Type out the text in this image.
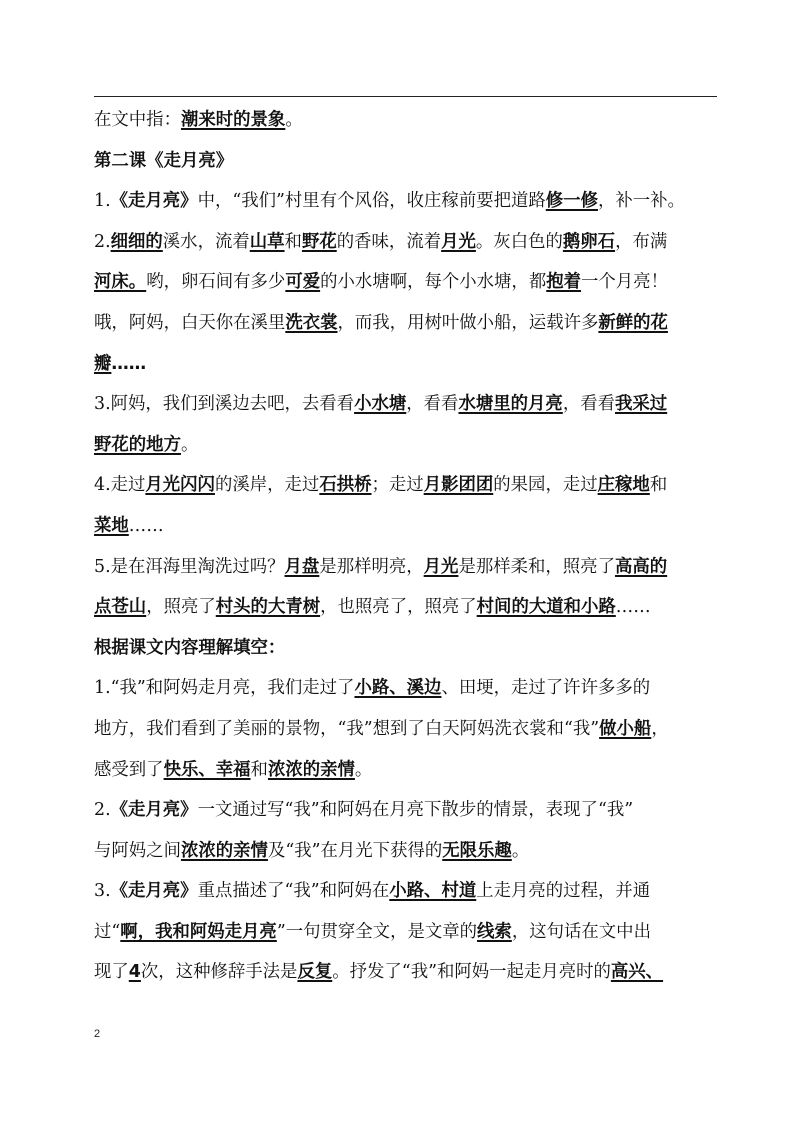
在文中指：潮来时的景象。
第二课《走月亮》
1.《走月亮》中，“我们”村里有个风俗，收庄稼前要把道路修一修，补一补。
2.细细的溪水，流着山草和野花的香味，流着月光。灰白色的鹅卵石，布满
河床。哟，卵石间有多少可爱的小水塘啊，每个小水塘，都抱着一个月亮！
哦，阿妈，白天你在溪里洗衣裳，而我，用树叶做小船，运载许多新鲜的花
瓣……
3.阿妈，我们到溪边去吧，去看看小水塘，看看水塘里的月亮，看看我采过
野花的地方。
4.走过月光闪闪的溪岸，走过石拱桥；走过月影团团的果园，走过庄稼地和
菜地……
5.是在洱海里淘洗过吗？月盘是那样明亮，月光是那样柔和，照亮了高高的
点苍山，照亮了村头的大青树，也照亮了，照亮了村间的大道和小路……
根据课文内容理解填空：
1.“我”和阿妈走月亮，我们走过了小路、溪边、田埂，走过了许许多多的
地方，我们看到了美丽的景物，“我”想到了白天阿妈洗衣裳和“我”做小船，
感受到了快乐、幸福和浓浓的亲情。
2.《走月亮》一文通过写“我”和阿妈在月亮下散步的情景，表现了“我”
与阿妈之间浓浓的亲情及“我”在月光下获得的无限乐趣。
3.《走月亮》重点描述了“我”和阿妈在小路、村道上走月亮的过程，并通
过“啊，我和阿妈走月亮”一句贯穿全文，是文章的线索，这句话在文中出
现了4次，这种修辞手法是反复。抒发了“我”和阿妈一起走月亮时的高兴、
2
